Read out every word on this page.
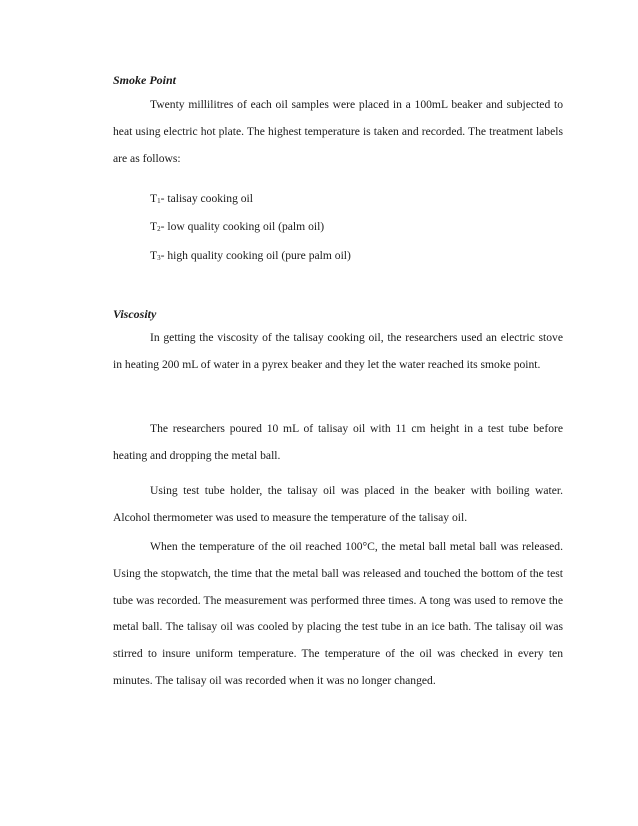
Smoke Point

Twenty millilitres of each oil samples were placed in a 100mL beaker and subjected to heat using electric hot plate. The highest temperature is taken and recorded. The treatment labels are as follows:

$T_1-$ talisay cooking oil

$T_2-$ low quality cooking oil (palm oil)

$T_3-$ high quality cooking oil (pure palm oil)

Viscosity

In getting the viscosity of the talisay cooking oil, the researchers used an electric stove in heating 200 mL of water in a pyrex beaker and they let the water reached its smoke point.

The researchers poured 10 mL of talisay oil with 11 cm height in a test tube before heating and dropping the metal ball.

Using test tube holder, the talisay oil was placed in the beaker with boiling water. Alcohol thermometer was used to measure the temperature of the talisay oil.

When the temperature of the oil reached 100°C, the metal ball metal ball was released. Using the stopwatch, the time that the metal ball was released and touched the bottom of the test tube was recorded. The measurement was performed three times. A tong was used to remove the metal ball. The talisay oil was cooled by placing the test tube in an ice bath. The talisay oil was stirred to insure uniform temperature. The temperature of the oil was checked in every ten minutes. The talisay oil was recorded when it was no longer changed.
